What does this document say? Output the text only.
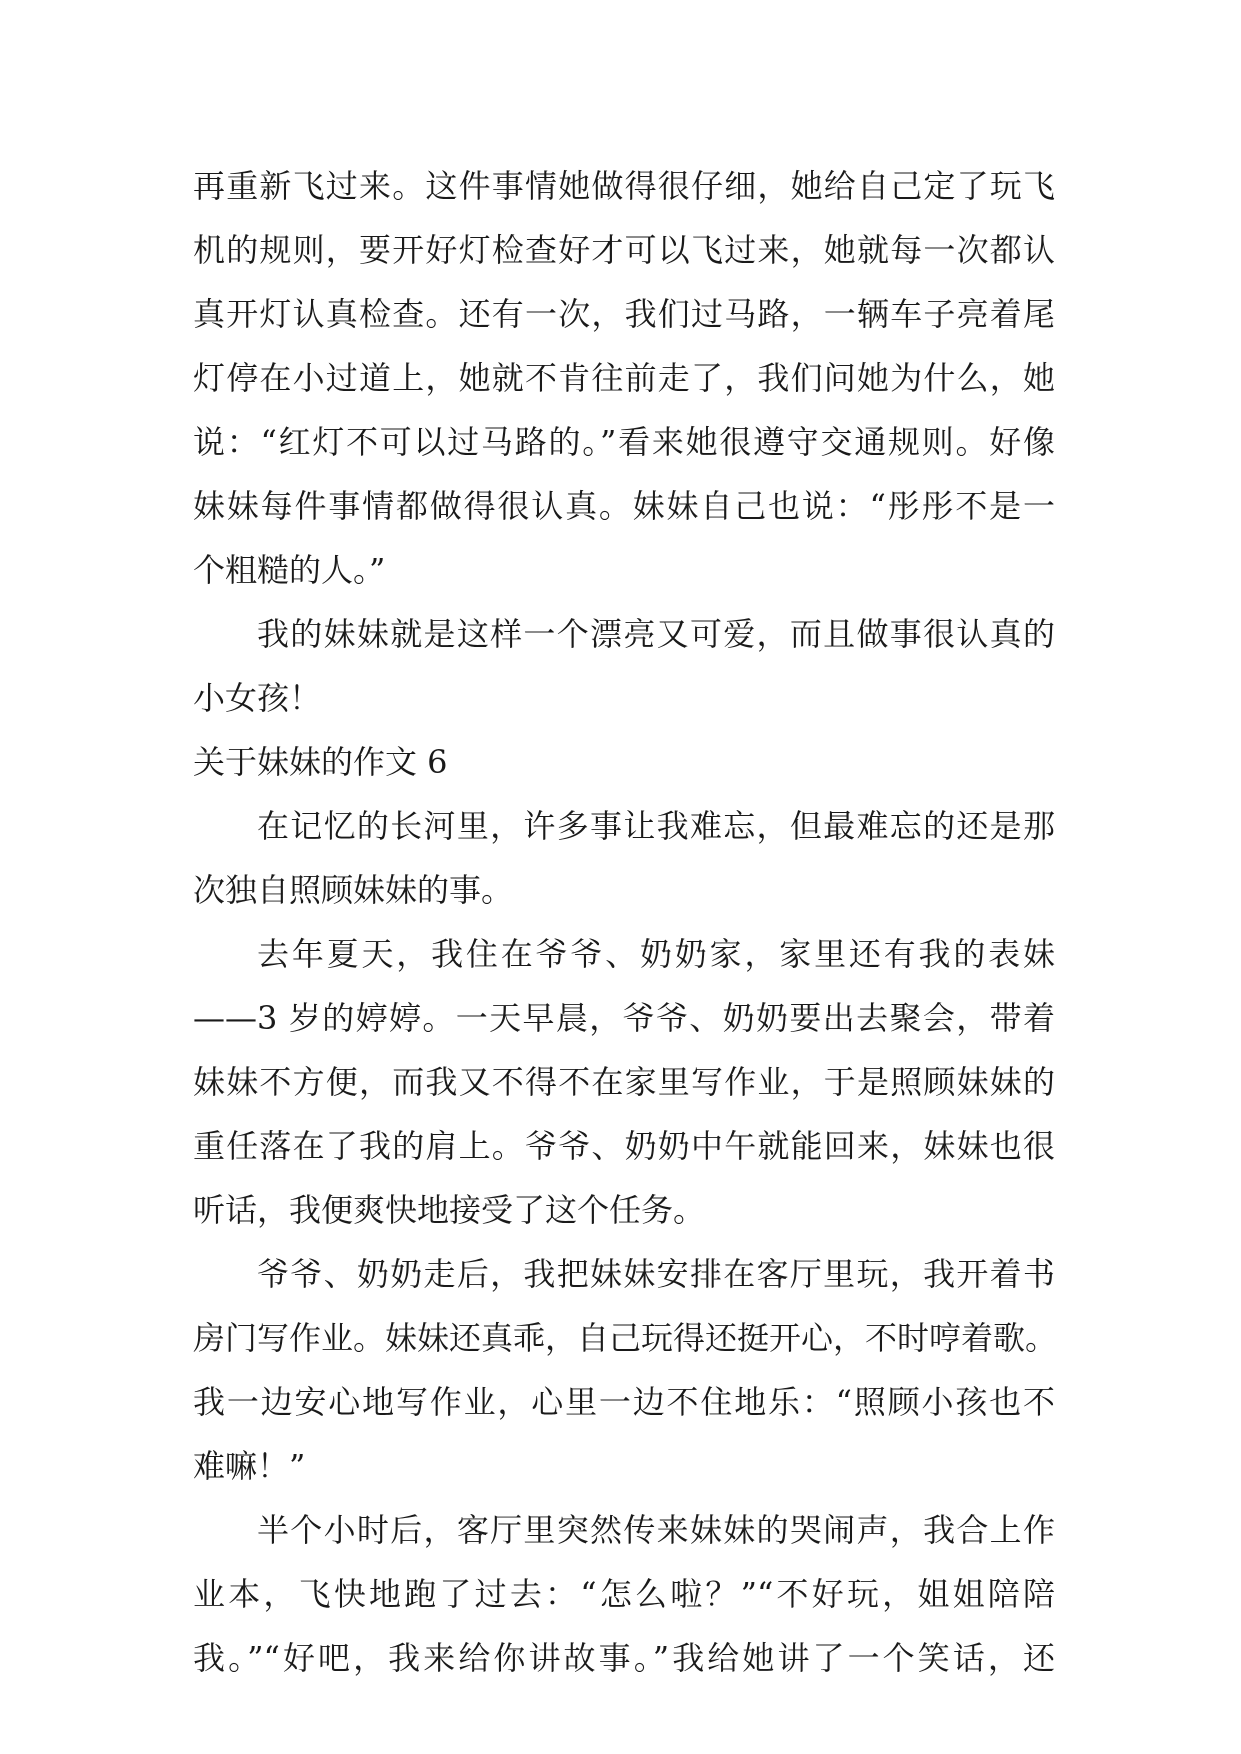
再重新飞过来。这件事情她做得很仔细，她给自己定了玩飞
机的规则，要开好灯检查好才可以飞过来，她就每一次都认
真开灯认真检查。还有一次，我们过马路，一辆车子亮着尾
灯停在小过道上，她就不肯往前走了，我们问她为什么，她
说：“红灯不可以过马路的。”看来她很遵守交通规则。好像
妹妹每件事情都做得很认真。妹妹自己也说：“彤彤不是一
个粗糙的人。”
我的妹妹就是这样一个漂亮又可爱，而且做事很认真的
小女孩！
关于妹妹的作文 6
在记忆的长河里，许多事让我难忘，但最难忘的还是那
次独自照顾妹妹的事。
去年夏天，我住在爷爷、奶奶家，家里还有我的表妹
——3 岁的婷婷。一天早晨，爷爷、奶奶要出去聚会，带着
妹妹不方便，而我又不得不在家里写作业，于是照顾妹妹的
重任落在了我的肩上。爷爷、奶奶中午就能回来，妹妹也很
听话，我便爽快地接受了这个任务。
爷爷、奶奶走后，我把妹妹安排在客厅里玩，我开着书
房门写作业。妹妹还真乖，自己玩得还挺开心，不时哼着歌。
我一边安心地写作业，心里一边不住地乐：“照顾小孩也不
难嘛！”
半个小时后，客厅里突然传来妹妹的哭闹声，我合上作
业本，飞快地跑了过去：“怎么啦？”“不好玩，姐姐陪陪
我。”“好吧，我来给你讲故事。”我给她讲了一个笑话，还
